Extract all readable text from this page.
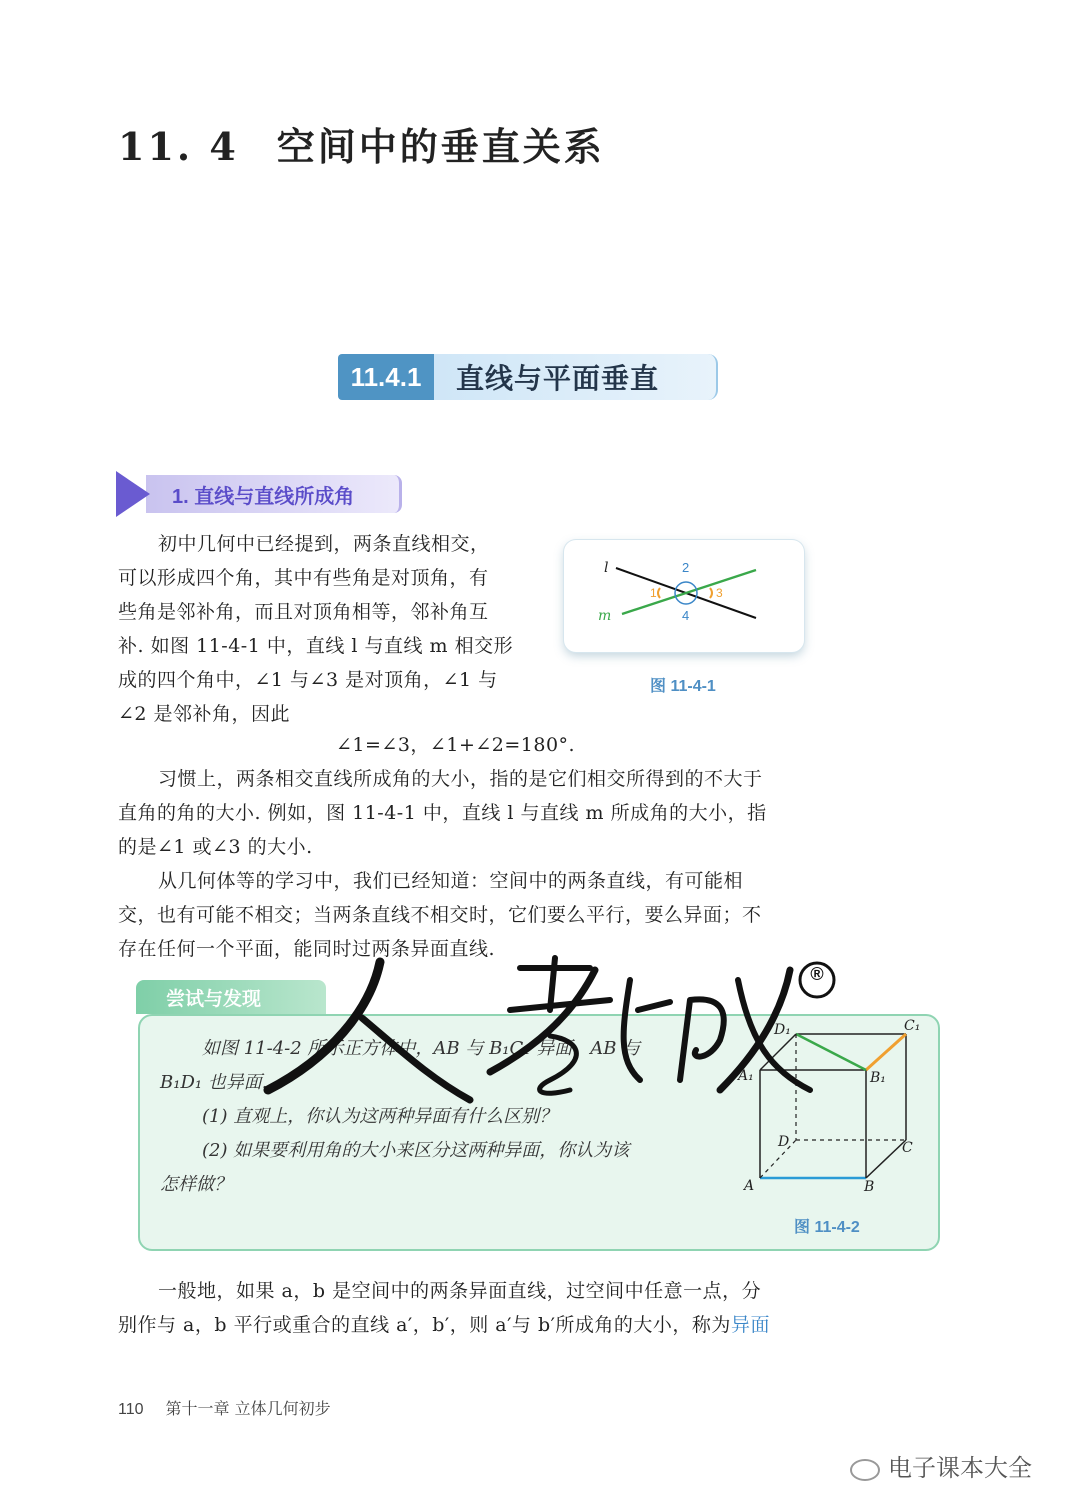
11. 4 空间中的垂直关系
11.4.1	直线与平面垂直
1. 直线与直线所成角
初中几何中已经提到，两条直线相交，
可以形成四个角，其中有些角是对顶角，有
些角是邻补角，而且对顶角相等，邻补角互
补. 如图 11-4-1 中，直线 l 与直线 m 相交形
成的四个角中，∠1 与∠3 是对顶角，∠1 与
∠2 是邻补角，因此
l
m
2
4
1	3
图 11-4-1
∠1=∠3，∠1+∠2=180°.
习惯上，两条相交直线所成角的大小，指的是它们相交所得到的不大于
直角的角的大小. 例如，图 11-4-1 中，直线 l 与直线 m 所成角的大小，指
的是∠1 或∠3 的大小.
从几何体等的学习中，我们已经知道：空间中的两条直线，有可能相
交，也有可能不相交；当两条直线不相交时，它们要么平行，要么异面；不
存在任何一个平面，能同时过两条异面直线.
尝试与发现
如图 11-4-2 所示正方体中，AB 与 B₁C₁ 异面，AB 与
B₁D₁ 也异面.
(1) 直观上，你认为这两种异面有什么区别？
(2) 如果要利用角的大小来区分这两种异面，你认为该
怎样做？	A	B
C
D
A₁	B₁
C₁
D₁
图 11-4-2
®
一般地，如果 a，b 是空间中的两条异面直线，过空间中任意一点，分
别作与 a，b 平行或重合的直线 a′，b′，则 a′与 b′所成角的大小，称为异面
110 第十一章 立体几何初步
电子课本大全
